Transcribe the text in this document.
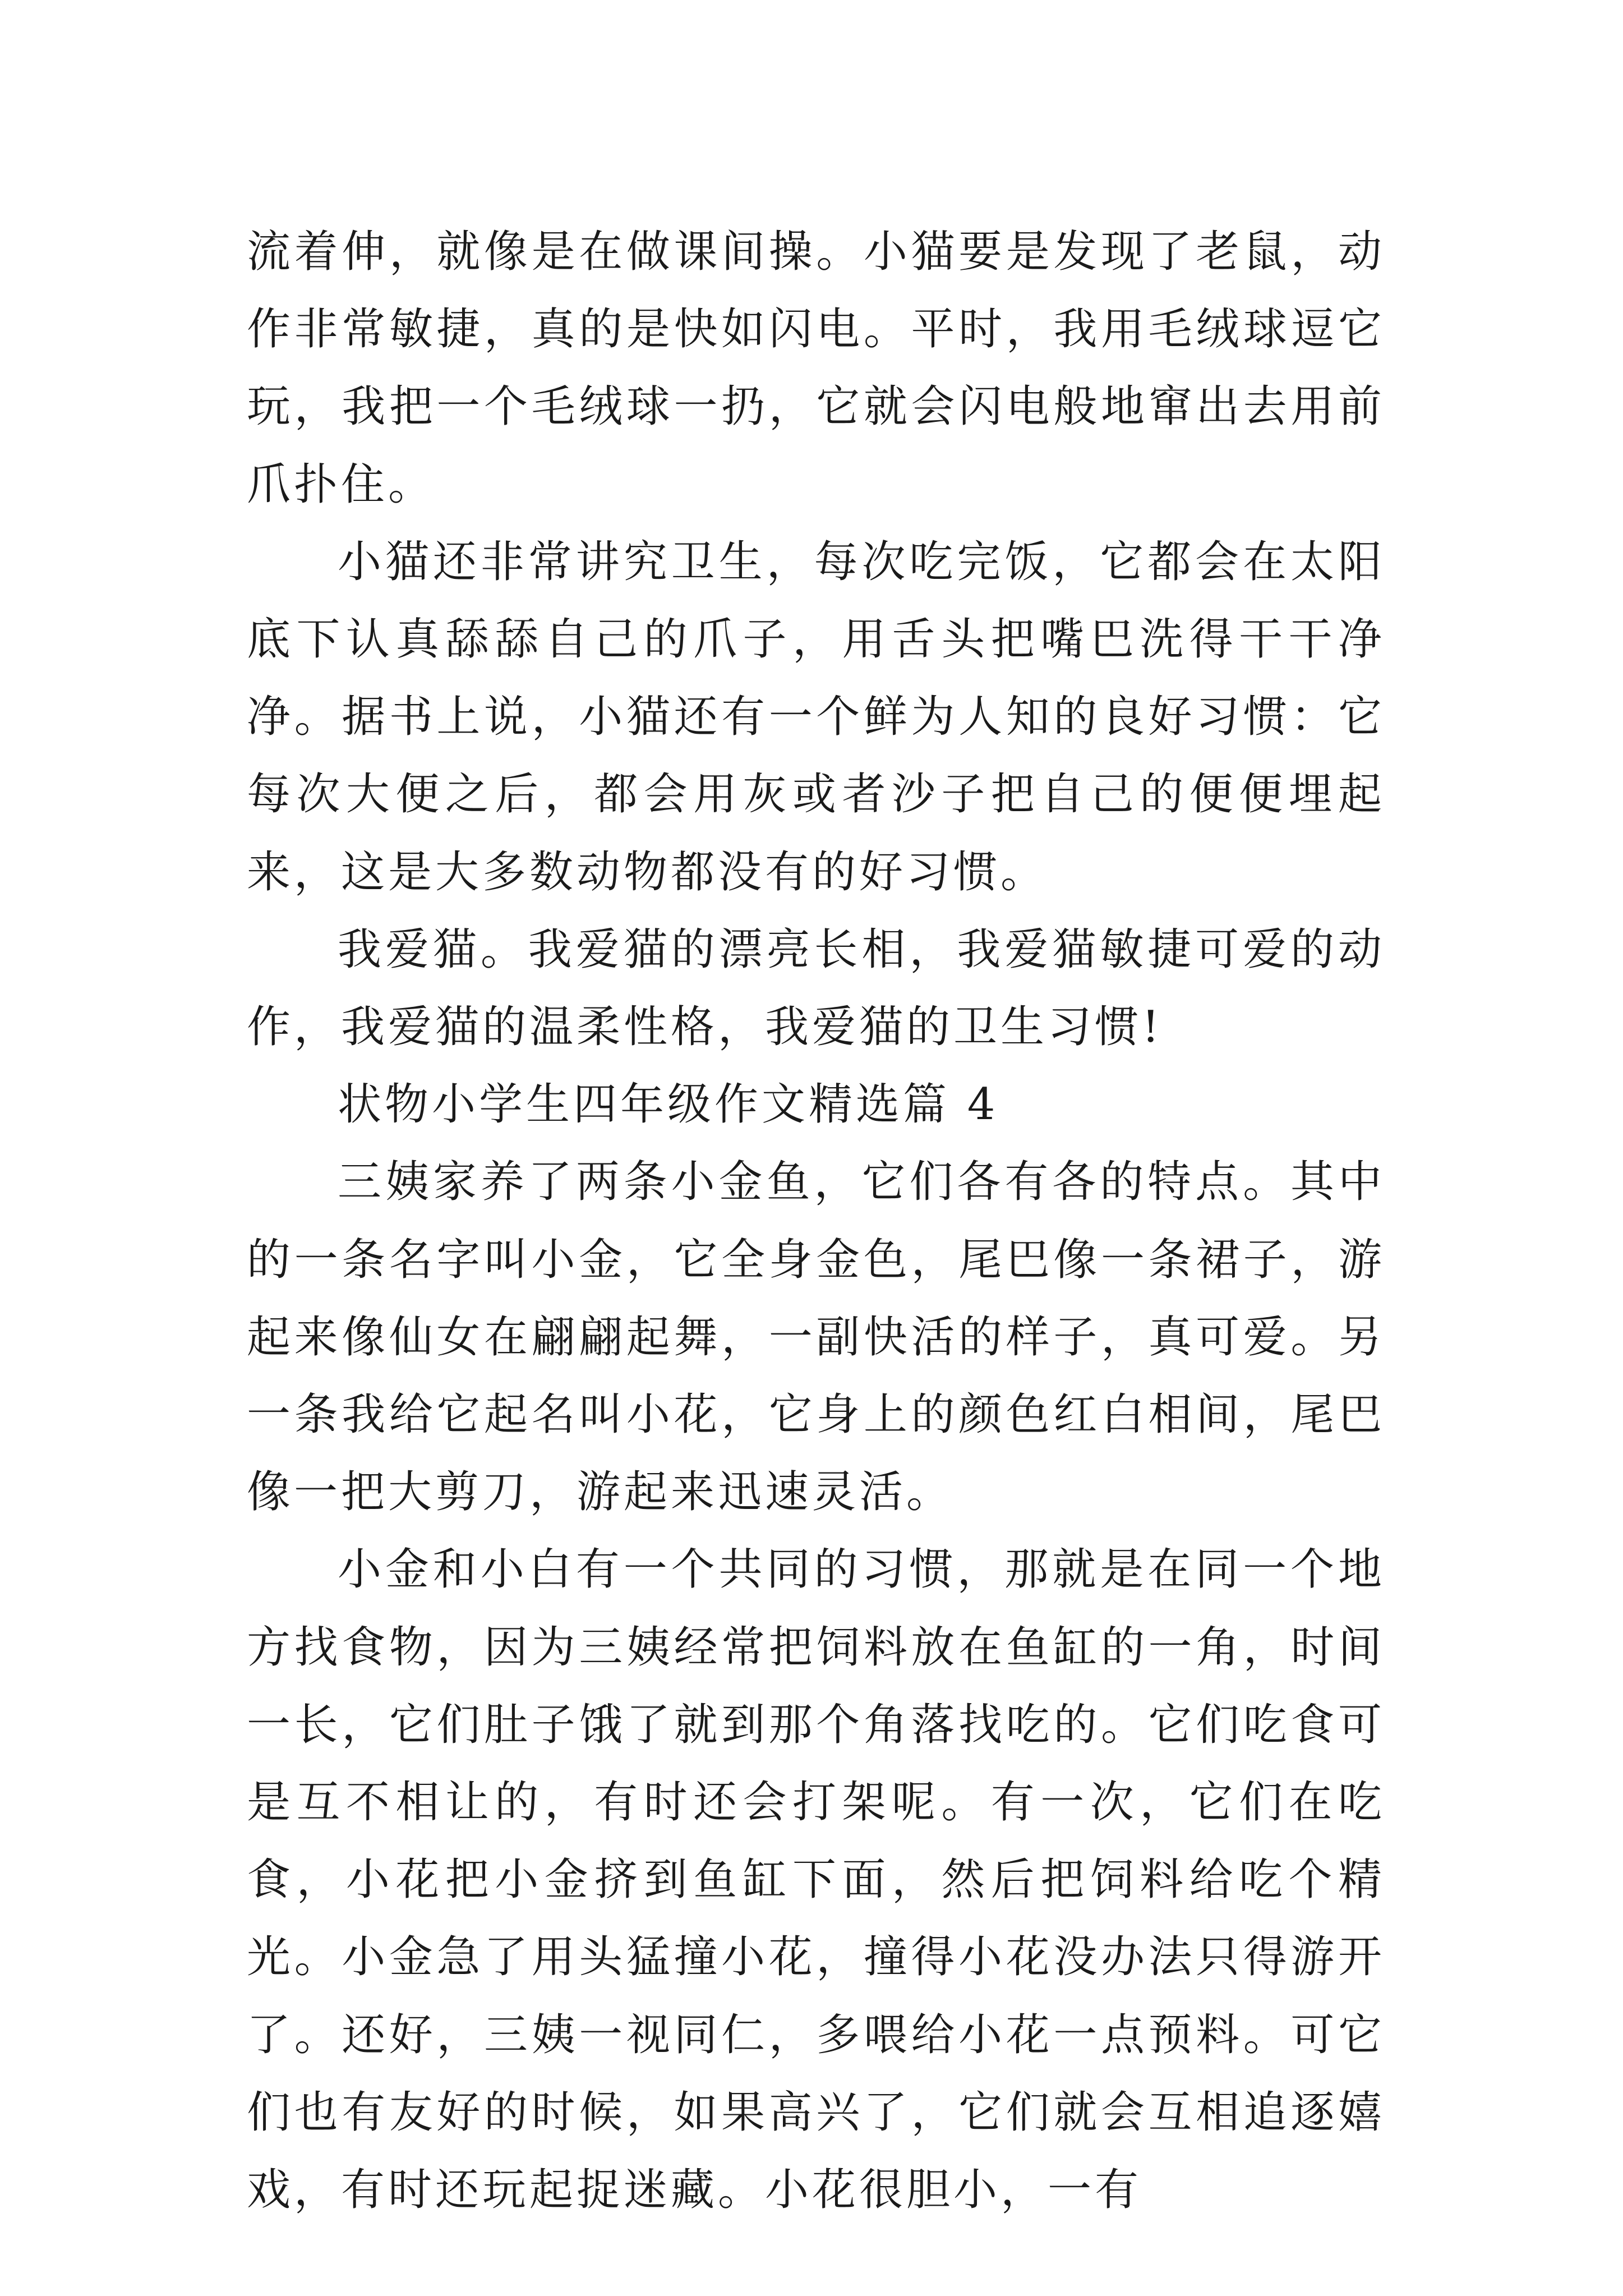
流着伸，就像是在做课间操。小猫要是发现了老鼠，动作非常敏捷，真的是快如闪电。平时，我用毛绒球逗它玩，我把一个毛绒球一扔，它就会闪电般地窜出去用前爪扑住。

小猫还非常讲究卫生，每次吃完饭，它都会在太阳底下认真舔舔自己的爪子，用舌头把嘴巴洗得干干净净。据书上说，小猫还有一个鲜为人知的良好习惯：它每次大便之后，都会用灰或者沙子把自己的便便埋起来，这是大多数动物都没有的好习惯。

我爱猫。我爱猫的漂亮长相，我爱猫敏捷可爱的动作，我爱猫的温柔性格，我爱猫的卫生习惯!

状物小学生四年级作文精选篇 4

三姨家养了两条小金鱼，它们各有各的特点。其中的一条名字叫小金，它全身金色，尾巴像一条裙子，游起来像仙女在翩翩起舞，一副快活的样子，真可爱。另一条我给它起名叫小花，它身上的颜色红白相间，尾巴像一把大剪刀，游起来迅速灵活。

小金和小白有一个共同的习惯，那就是在同一个地方找食物，因为三姨经常把饲料放在鱼缸的一角，时间一长，它们肚子饿了就到那个角落找吃的。它们吃食可是互不相让的，有时还会打架呢。有一次，它们在吃食，小花把小金挤到鱼缸下面，然后把饲料给吃个精光。小金急了用头猛撞小花，撞得小花没办法只得游开了。还好，三姨一视同仁，多喂给小花一点预料。可它们也有友好的时候，如果高兴了，它们就会互相追逐嬉戏，有时还玩起捉迷藏。小花很胆小，一有
